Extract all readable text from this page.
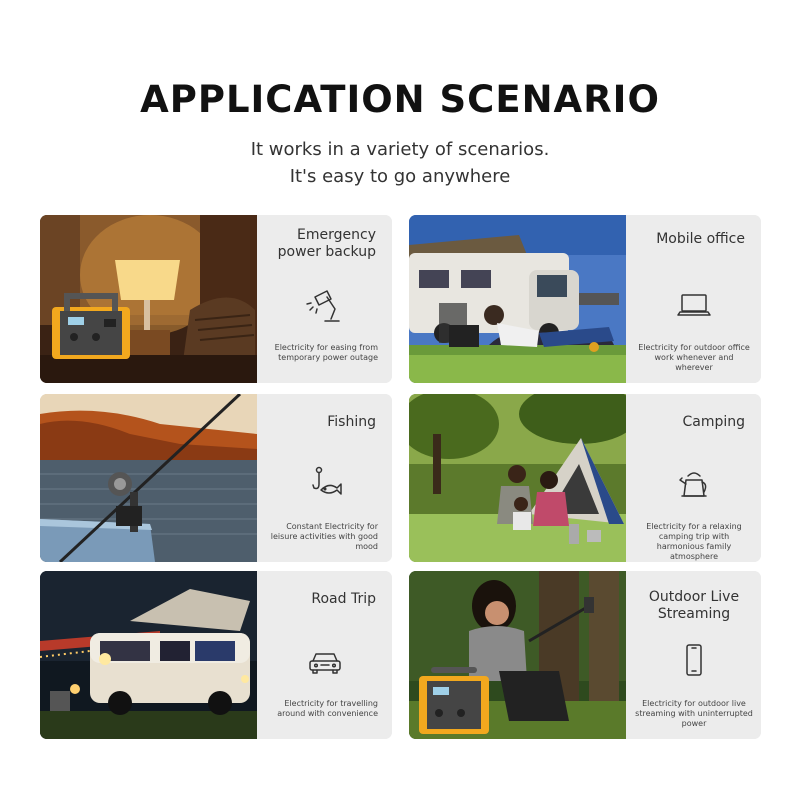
APPLICATION SCENARIO
It works in a variety of scenarios.
It's easy to go anywhere
Emergency power backup
Electricity for easing from temporary power outage
Mobile office
Electricity for outdoor office work whenever and wherever
Fishing
Constant Electricity for leisure activities with good mood
Camping
Electricity for a relaxing camping trip with harmonious family atmosphere
Road Trip
Electricity for travelling around with convenience
Outdoor Live Streaming
Electricity for outdoor live streaming with uninterrupted power
